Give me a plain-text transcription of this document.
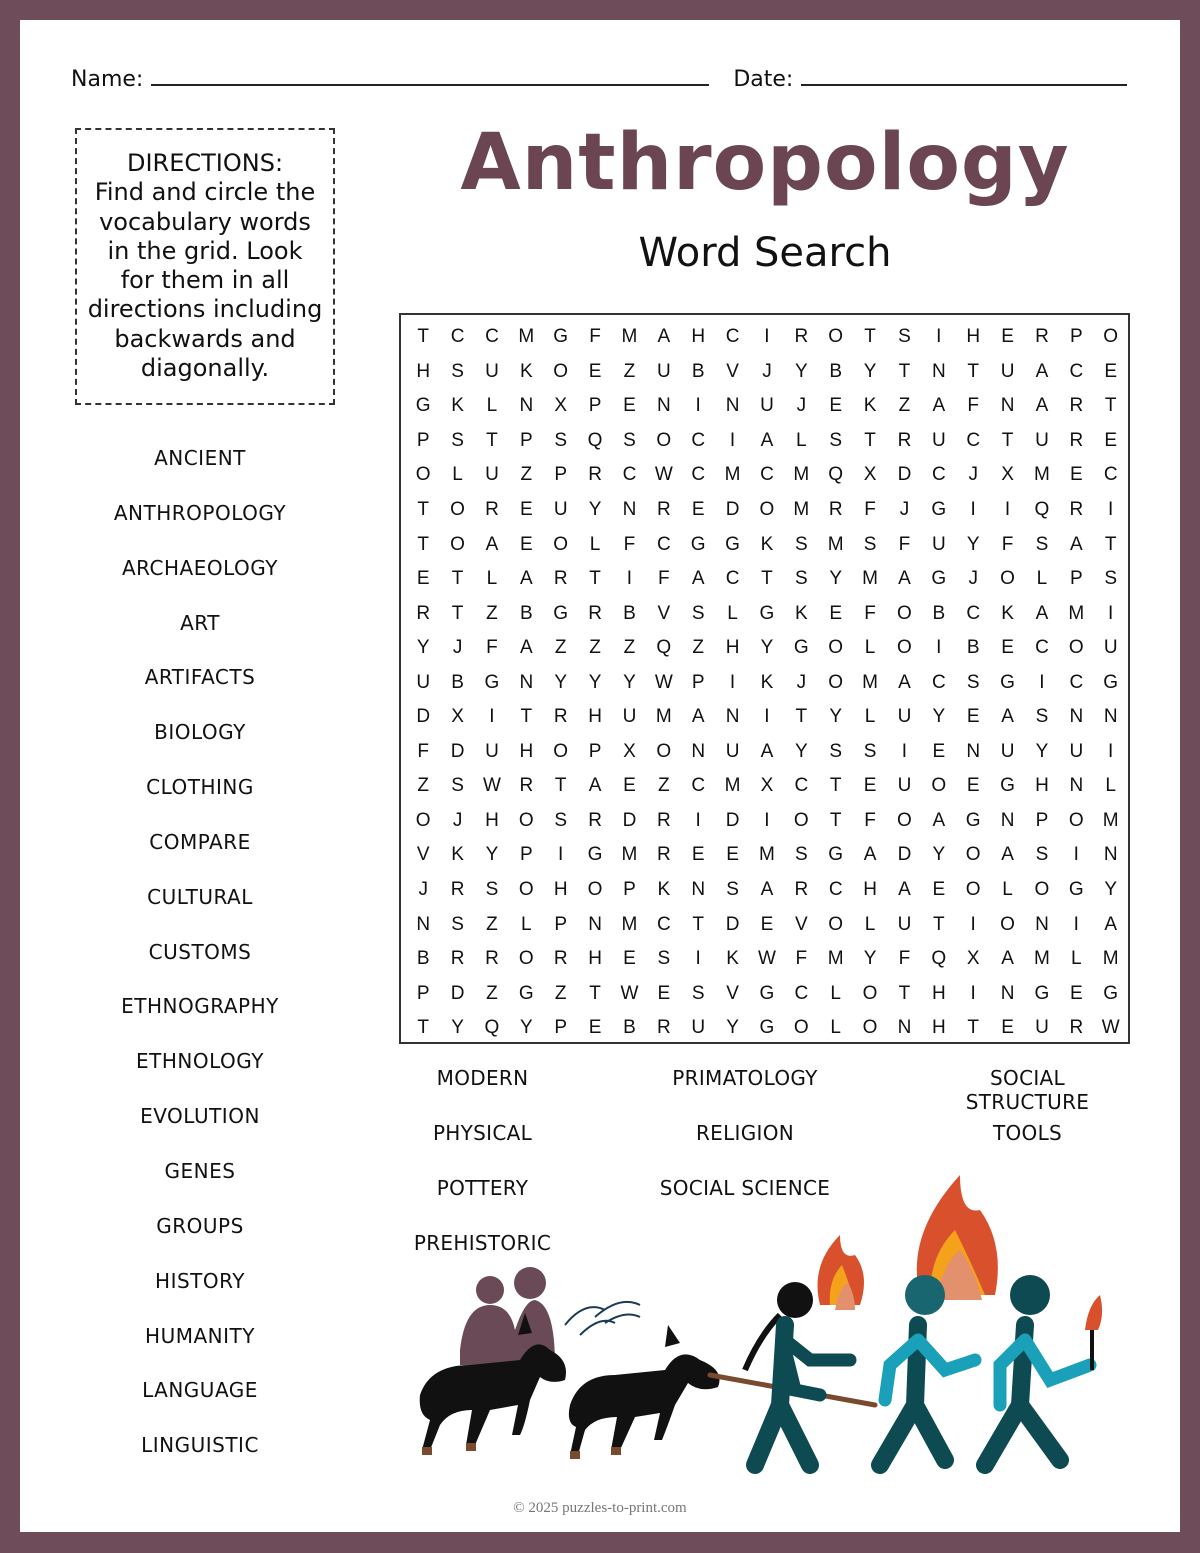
Name:	Date:
DIRECTIONS:
Find and circle the
vocabulary words
in the grid. Look
for them in all
directions including
backwards and
diagonally.
Anthropology
Word Search
ANCIENT
ANTHROPOLOGY
ARCHAEOLOGY
ART
ARTIFACTS
BIOLOGY
CLOTHING
COMPARE
CULTURAL
CUSTOMS
ETHNOGRAPHY
ETHNOLOGY
EVOLUTION
GENES
GROUPS
HISTORY
HUMANITY
LANGUAGE
LINGUISTIC
T	C	C	M	G	F	M	A	H	C	I	R	O	T	S	I	H	E	R	P	O
H	S	U	K	O	E	Z	U	B	V	J	Y	B	Y	T	N	T	U	A	C	E
G	K	L	N	X	P	E	N	I	N	U	J	E	K	Z	A	F	N	A	R	T
P	S	T	P	S	Q	S	O	C	I	A	L	S	T	R	U	C	T	U	R	E
O	L	U	Z	P	R	C W C	M	C	M	Q	X	D	C	J	X	M	E	C
T	O	R	E	U	Y	N	R	E	D	O	M	R	F	J	G	I	I	Q	R	I
T	O	A	E	O	L	F	C	G	G	K	S	M	S	F	U	Y	F	S	A	T
E	T	L	A	R	T	I	F	A	C	T	S	Y	M	A	G	J	O	L	P	S
R	T	Z	B	G	R	B	V	S	L	G	K	E	F	O	B	C	K	A	M	I
Y	J	F	A	Z	Z	Z	Q	Z	H	Y	G	O	L	O	I	B	E	C	O	U
U	B	G	N	Y	Y	Y	W	P	I	K	J	O	M	A	C	S	G	I	C	G
D	X	I	T	R	H	U	M	A	N	I	T	Y	L	U	Y	E	A	S	N	N
F	D	U	H	O	P	X	O	N	U	A	Y	S	S	I	E	N	U	Y	U	I
Z	S	W R	T	A	E	Z	C	M	X	C	T	E	U	O	E	G	H	N	L
O	J	H	O	S	R	D	R	I	D	I	O	T	F	O	A	G	N	P	O	M
V	K	Y	P	I	G	M	R	E	E	M	S	G	A	D	Y	O	A	S	I	N
J	R	S	O	H	O	P	K	N	S	A	R	C	H	A	E	O	L	O	G	Y
N	S	Z	L	P	N	M	C	T	D	E	V	O	L	U	T	I	O	N	I	A
B	R	R	O	R	H	E	S	I	K	W	F	M	Y	F	Q	X	A	M	L	M
P	D	Z	G	Z	T	W	E	S	V	G	C	L	O	T	H	I	N	G	E	G
T	Y	Q	Y	P	E	B	R	U	Y	G	O	L	O	N	H	T	E	U	R W
MODERN	PRIMATOLOGY	SOCIAL STRUCTURE
PHYSICAL	RELIGION	TOOLS
POTTERY	SOCIAL SCIENCE
PREHISTORIC
© 2025 puzzles-to-print.com
